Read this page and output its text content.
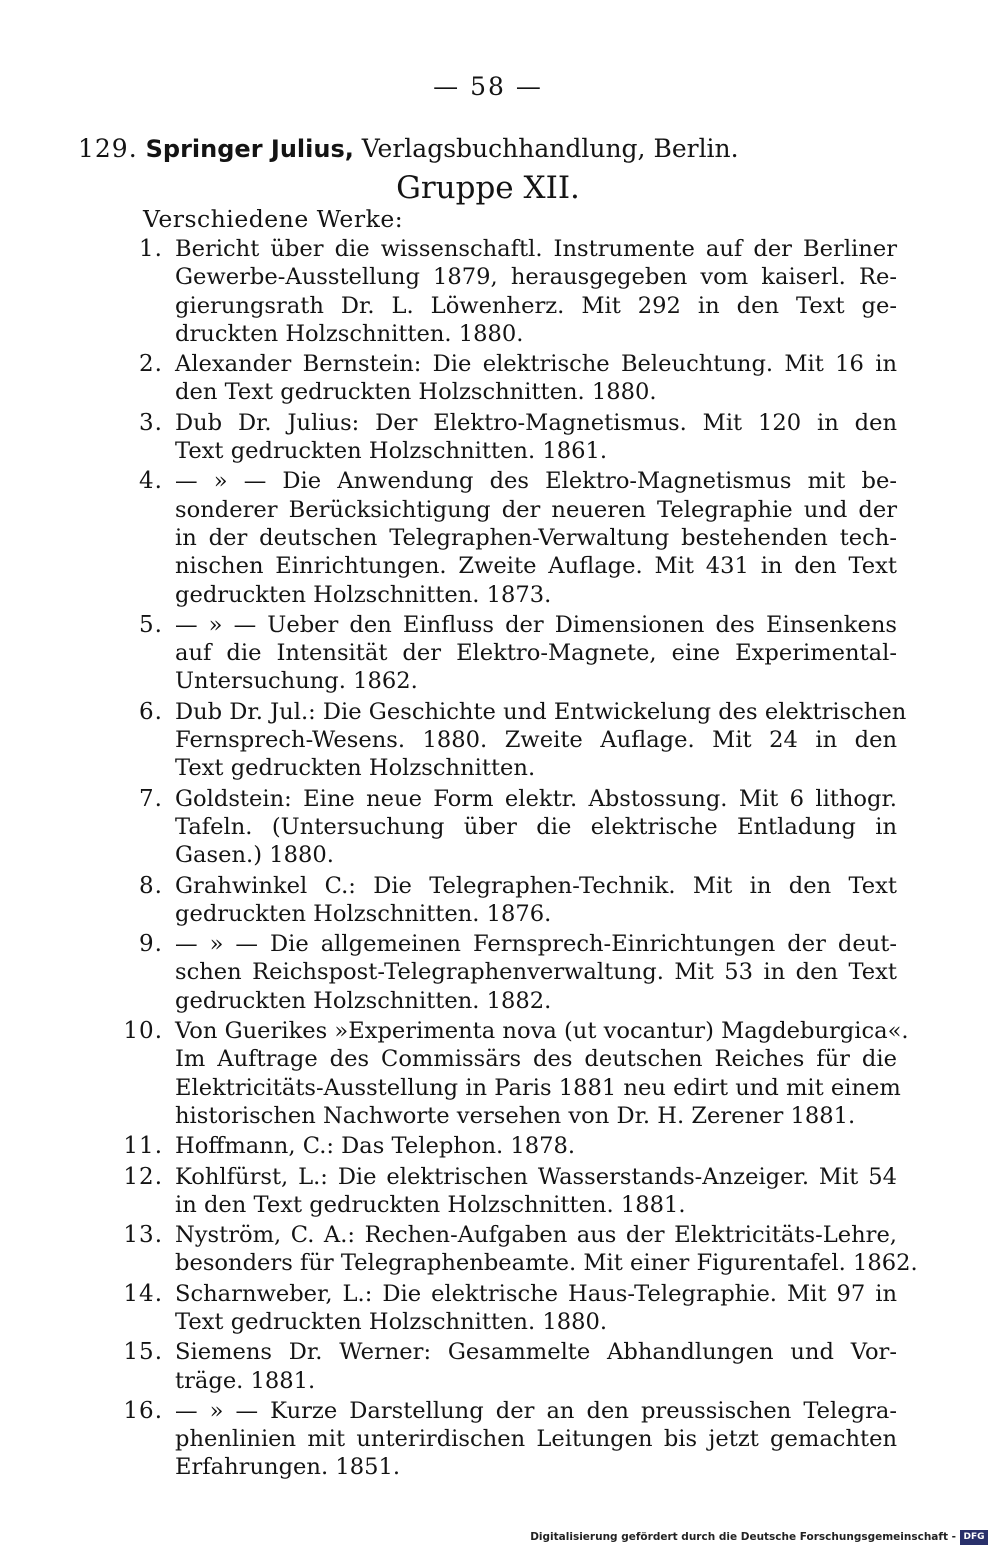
— 58 —
129. Springer Julius, Verlagsbuchhandlung, Berlin.
Gruppe XII.
Verschiedene Werke:
1. Bericht über die wissenschaftl. Instrumente auf der Berliner
Gewerbe-Ausstellung 1879, herausgegeben vom kaiserl. Re-
gierungsrath Dr. L. Löwenherz. Mit 292 in den Text ge-
druckten Holzschnitten. 1880.
2. Alexander Bernstein: Die elektrische Beleuchtung. Mit 16 in
den Text gedruckten Holzschnitten. 1880.
3. Dub Dr. Julius: Der Elektro-Magnetismus. Mit 120 in den
Text gedruckten Holzschnitten. 1861.
4. — » — Die Anwendung des Elektro-Magnetismus mit be-
sonderer Berücksichtigung der neueren Telegraphie und der
in der deutschen Telegraphen-Verwaltung bestehenden tech-
nischen Einrichtungen. Zweite Auflage. Mit 431 in den Text
gedruckten Holzschnitten. 1873.
5. — » — Ueber den Einfluss der Dimensionen des Einsenkens
auf die Intensität der Elektro-Magnete, eine Experimental-
Untersuchung. 1862.
6. Dub Dr. Jul.: Die Geschichte und Entwickelung des elektrischen
Fernsprech-Wesens. 1880. Zweite Auflage. Mit 24 in den
Text gedruckten Holzschnitten.
7. Goldstein: Eine neue Form elektr. Abstossung. Mit 6 lithogr.
Tafeln. (Untersuchung über die elektrische Entladung in
Gasen.) 1880.
8. Grahwinkel C.: Die Telegraphen-Technik. Mit in den Text
gedruckten Holzschnitten. 1876.
9. — » — Die allgemeinen Fernsprech-Einrichtungen der deut-
schen Reichspost-Telegraphenverwaltung. Mit 53 in den Text
gedruckten Holzschnitten. 1882.
10. Von Guerikes »Experimenta nova (ut vocantur) Magdeburgica«.
Im Auftrage des Commissärs des deutschen Reiches für die
Elektricitäts-Ausstellung in Paris 1881 neu edirt und mit einem
historischen Nachworte versehen von Dr. H. Zerener 1881.
11. Hoffmann, C.: Das Telephon. 1878.
12. Kohlfürst, L.: Die elektrischen Wasserstands-Anzeiger. Mit 54
in den Text gedruckten Holzschnitten. 1881.
13. Nyström, C. A.: Rechen-Aufgaben aus der Elektricitäts-Lehre,
besonders für Telegraphenbeamte. Mit einer Figurentafel. 1862.
14. Scharnweber, L.: Die elektrische Haus-Telegraphie. Mit 97 in
Text gedruckten Holzschnitten. 1880.
15. Siemens Dr. Werner: Gesammelte Abhandlungen und Vor-
träge. 1881.
16. — » — Kurze Darstellung der an den preussischen Telegra-
phenlinien mit unterirdischen Leitungen bis jetzt gemachten
Erfahrungen. 1851.
Digitalisierung gefördert durch die Deutsche Forschungsgemeinschaft - DFG
